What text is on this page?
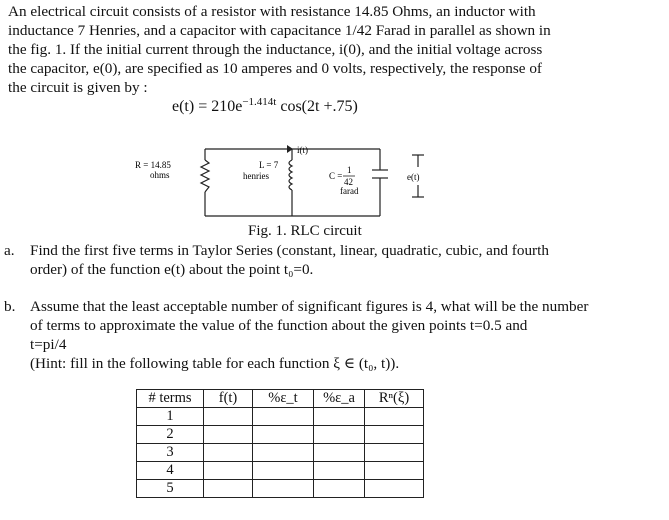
An electrical circuit consists of a resistor with resistance 14.85 Ohms, an inductor with
inductance 7 Henries, and a capacitor with capacitance 1/42 Farad in parallel as shown in
the fig. 1. If the initial current through the inductance, i(0), and the initial voltage across
the capacitor, e(0), are specified as 10 amperes and 0 volts, respectively, the response of
the circuit is given by :
$e(t) = 210e^{-1.414t}$ cos(2t +.75)
i(t)
R = 14.85
ohms
L = 7
henries	C =
1
42
farad
e(t)
Fig. 1. RLC circuit
a. Find the first five terms in Taylor Series (constant, linear, quadratic, cubic, and fourth
order) of the function e(t) about the point t₀=0.
b. Assume that the least acceptable number of significant figures is 4, what will be the number
of terms to approximate the value of the function about the given points t=0.5 and
t=pi/4
(Hint: fill in the following table for each function ξ ∈ (t₀, t)).
# terms	f(t)	%ε_t	%ε_a	Rⁿ(ξ)
1				
2				
3				
4				
5				
